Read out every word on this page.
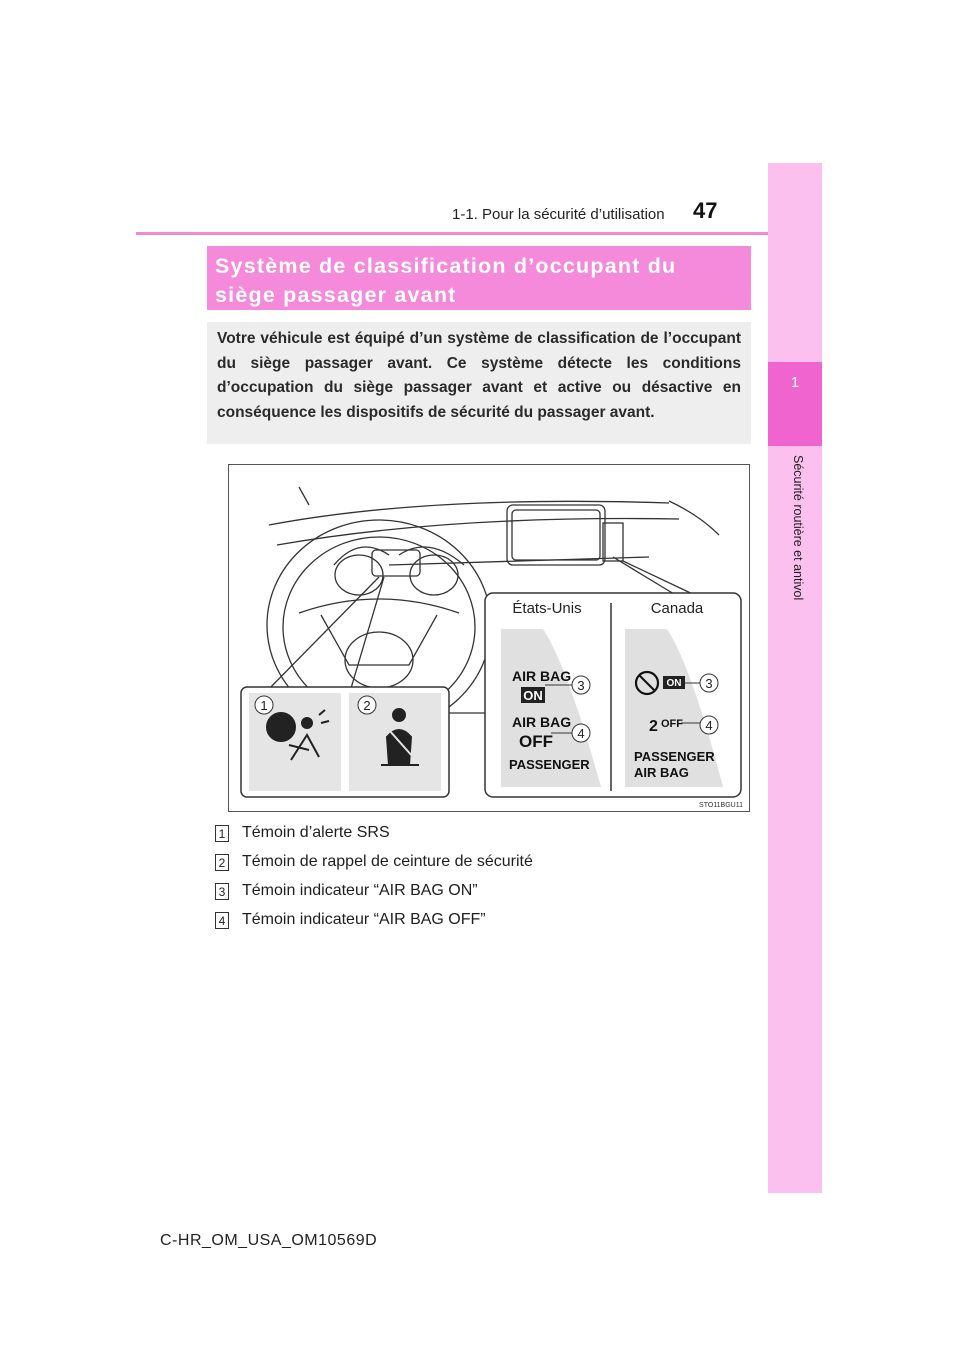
1-1. Pour la sécurité d’utilisation 47
1
Sécurité routière et antivol
Système de classification d’occupant du
siège passager avant
Votre véhicule est équipé d’un système de classification de l’occupant du siège passager avant. Ce système détecte les conditions d’occupation du siège passager avant et active ou désactive en conséquence les dispositifs de sécurité du passager avant.
1	2
États-Unis	Canada
AIR BAG
ON
AIR BAG
OFF
PASSENGER
3
4
ON
2 OFF
PASSENGER
AIR BAG
3
4
STO11BGU11
1 Témoin d’alerte SRS
2 Témoin de rappel de ceinture de sécurité
3 Témoin indicateur “AIR BAG ON”
4 Témoin indicateur “AIR BAG OFF”
C-HR_OM_USA_OM10569D
